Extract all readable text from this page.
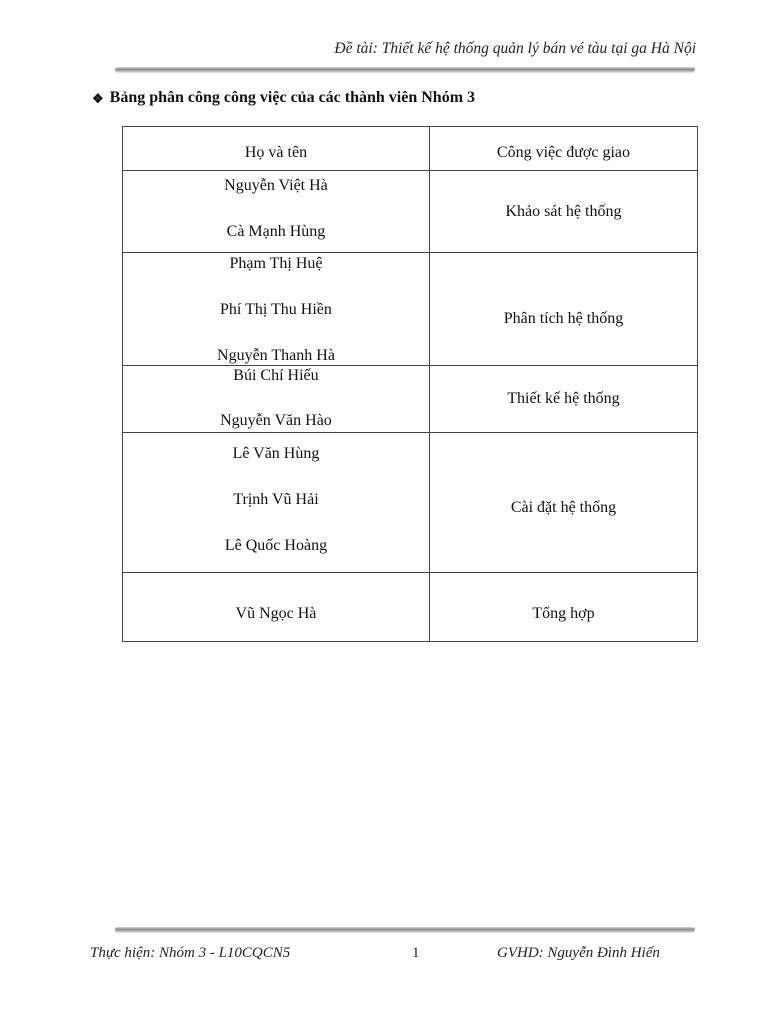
Đề tài: Thiết kế hệ thống quản lý bán vé tàu tại ga Hà Nội
❖ Bảng phân công công việc của các thành viên Nhóm 3
Họ và tên	Công việc được giao

Nguyễn Việt Hà
Cà Mạnh Hùng	Khảo sát hệ thống

Phạm Thị Huệ
Phí Thị Thu Hiền
Nguyễn Thanh Hà	Phân tích hệ thống

Búi Chí Hiếu
Nguyễn Văn Hào	Thiết kế hệ thống

Lê Văn Hùng
Trịnh Vũ Hải
Lê Quốc Hoàng	Cài đặt hệ thống

Vũ Ngọc Hà	Tổng hợp
Thực hiện: Nhóm 3 - L10CQCN5	1	GVHD: Nguyễn Đình Hiến
